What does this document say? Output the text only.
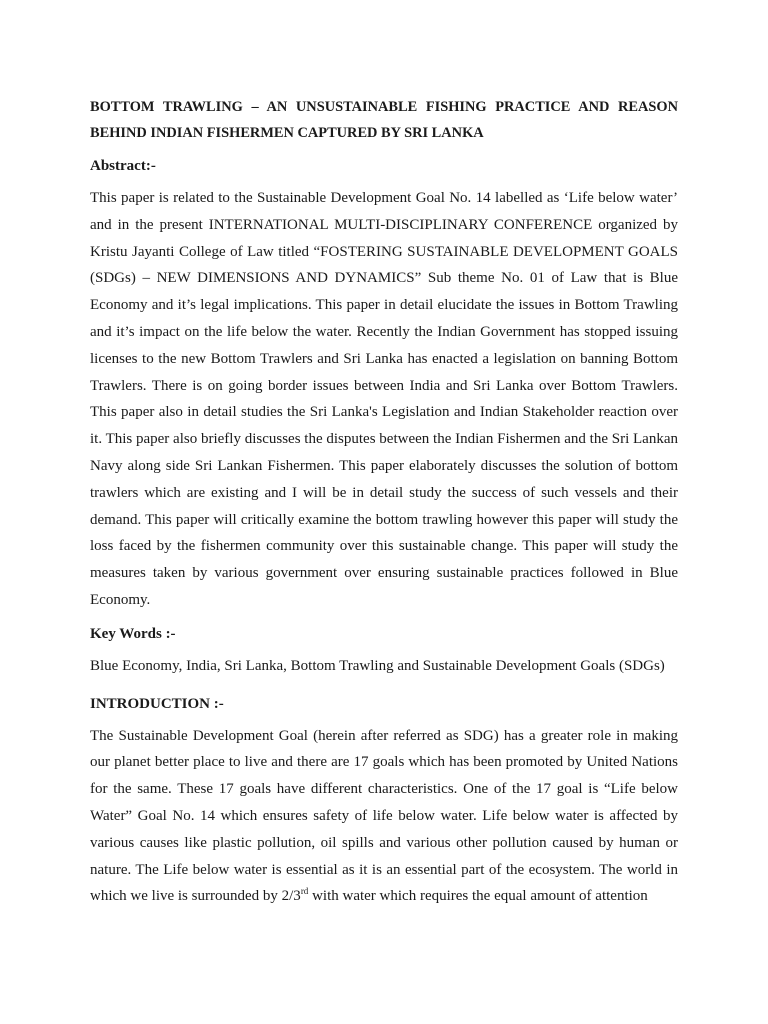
BOTTOM TRAWLING – AN UNSUSTAINABLE FISHING PRACTICE AND REASON BEHIND INDIAN FISHERMEN CAPTURED BY SRI LANKA

Abstract:-

This paper is related to the Sustainable Development Goal No. 14 labelled as ‘Life below water’ and in the present INTERNATIONAL MULTI-DISCIPLINARY CONFERENCE organized by Kristu Jayanti College of Law titled “FOSTERING SUSTAINABLE DEVELOPMENT GOALS (SDGs) – NEW DIMENSIONS AND DYNAMICS” Sub theme No. 01 of Law that is Blue Economy and it’s legal implications. This paper in detail elucidate the issues in Bottom Trawling and it’s impact on the life below the water. Recently the Indian Government has stopped issuing licenses to the new Bottom Trawlers and Sri Lanka has enacted a legislation on banning Bottom Trawlers. There is on going border issues between India and Sri Lanka over Bottom Trawlers. This paper also in detail studies the Sri Lanka's Legislation and Indian Stakeholder reaction over it. This paper also briefly discusses the disputes between the Indian Fishermen and the Sri Lankan Navy along side Sri Lankan Fishermen. This paper elaborately discusses the solution of bottom trawlers which are existing and I will be in detail study the success of such vessels and their demand. This paper will critically examine the bottom trawling however this paper will study the loss faced by the fishermen community over this sustainable change. This paper will study the measures taken by various government over ensuring sustainable practices followed in Blue Economy.

Key Words :-

Blue Economy, India, Sri Lanka, Bottom Trawling and Sustainable Development Goals (SDGs)

INTRODUCTION :-

The Sustainable Development Goal (herein after referred as SDG) has a greater role in making our planet better place to live and there are 17 goals which has been promoted by United Nations for the same. These 17 goals have different characteristics. One of the 17 goal is “Life below Water” Goal No. 14 which ensures safety of life below water. Life below water is affected by various causes like plastic pollution, oil spills and various other pollution caused by human or nature. The Life below water is essential as it is an essential part of the ecosystem. The world in which we live is surrounded by 2/3rd with water which requires the equal amount of attention
